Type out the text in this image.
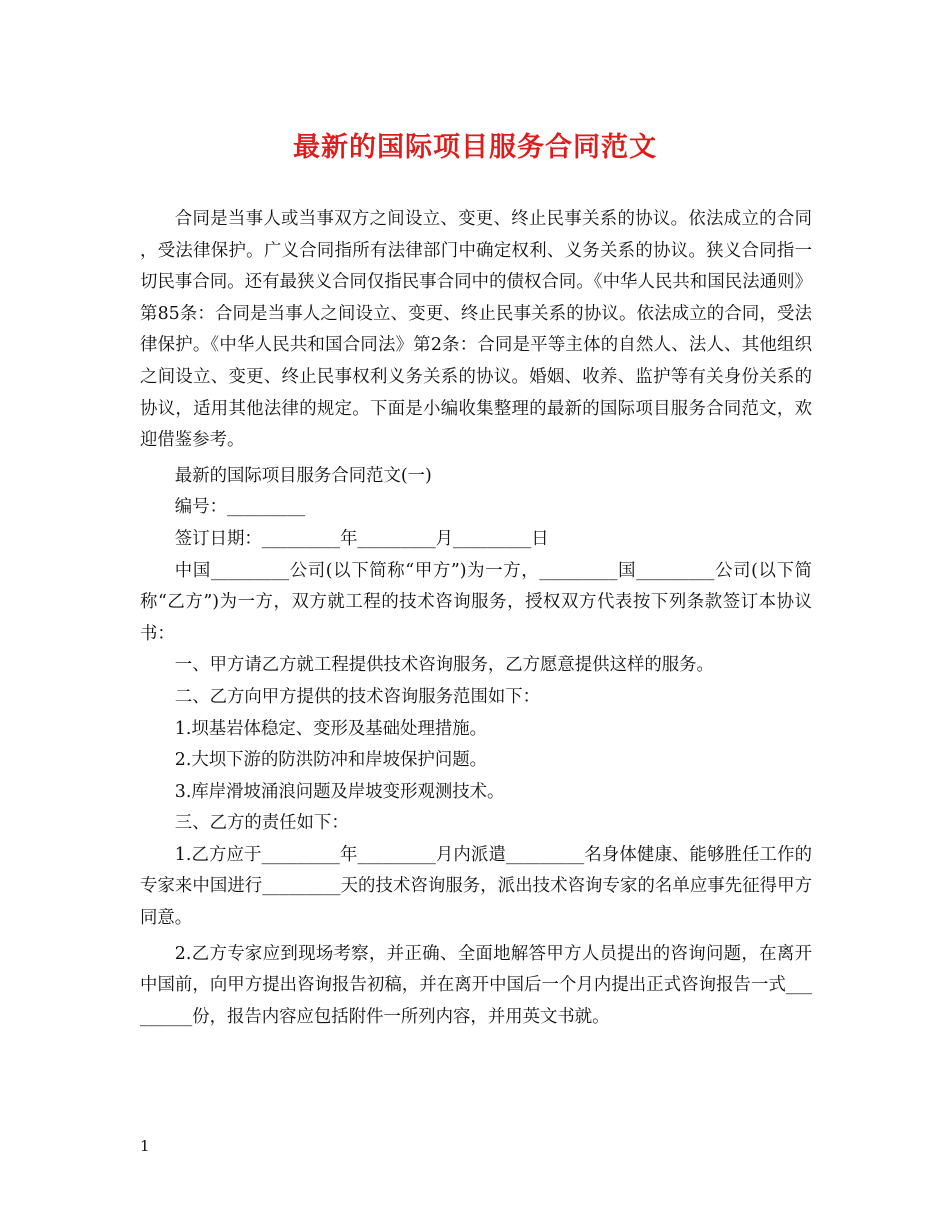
最新的国际项目服务合同范文

合同是当事人或当事双方之间设立、变更、终止民事关系的协议。依法成立的合同 ，受法律保护。广义合同指所有法律部门中确定权利、义务关系的协议。狭义合同指一切民事合同。还有最狭义合同仅指民事合同中的债权合同。《中华人民共和国民法通则》第85条：合同是当事人之间设立、变更、终止民事关系的协议。依法成立的合同，受法律保护。《中华人民共和国合同法》第2条：合同是平等主体的自然人、法人、其他组织之间设立、变更、终止民事权利义务关系的协议。婚姻、收养、监护等有关身份关系的协议，适用其他法律的规定。下面是小编收集整理的最新的国际项目服务合同范文，欢迎借鉴参考。

最新的国际项目服务合同范文(一)

编号：_________

签订日期：_________年_________月_________日

中国_________公司(以下简称“甲方”)为一方，_________国_________公司(以下简称“乙方”)为一方，双方就工程的技术咨询服务，授权双方代表按下列条款签订本协议书：

一、甲方请乙方就工程提供技术咨询服务，乙方愿意提供这样的服务。

二、乙方向甲方提供的技术咨询服务范围如下：

1.坝基岩体稳定、变形及基础处理措施。

2.大坝下游的防洪防冲和岸坡保护问题。

3.库岸滑坡涌浪问题及岸坡变形观测技术。

三、乙方的责任如下：

1.乙方应于_________年_________月内派遣_________名身体健康、能够胜任工作的专家来中国进行_________天的技术咨询服务，派出技术咨询专家的名单应事先征得甲方同意。

2.乙方专家应到现场考察，并正确、全面地解答甲方人员提出的咨询问题，在离开中国前，向甲方提出咨询报告初稿，并在离开中国后一个月内提出正式咨询报告一式_________份，报告内容应包括附件一所列内容，并用英文书就。

1
